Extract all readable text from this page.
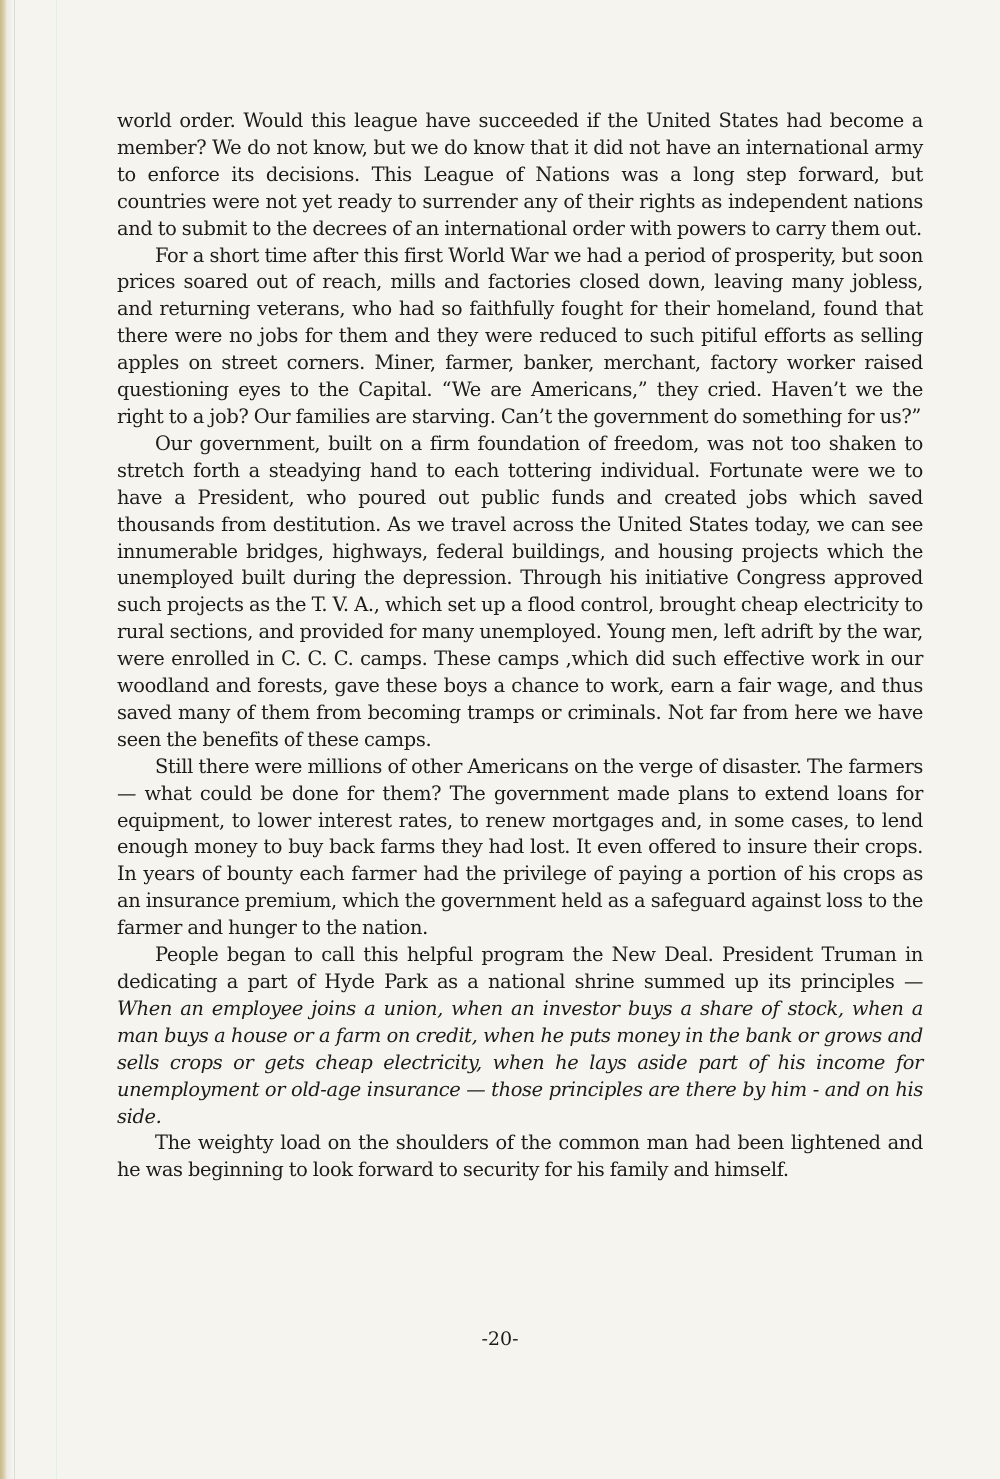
world order. Would this league have succeeded if the United States had become a member? We do not know, but we do know that it did not have an international army to enforce its decisions. This League of Nations was a long step forward, but countries were not yet ready to surrender any of their rights as independent nations and to submit to the decrees of an international order with powers to carry them out.

For a short time after this first World War we had a period of prosperity, but soon prices soared out of reach, mills and factories closed down, leaving many jobless, and returning veterans, who had so faithfully fought for their homeland, found that there were no jobs for them and they were reduced to such pitiful efforts as selling apples on street corners. Miner, farmer, banker, merchant, factory worker raised questioning eyes to the Capital. “We are Americans,” they cried. Haven’t we the right to a job? Our families are starving. Can’t the government do something for us?”

Our government, built on a firm foundation of freedom, was not too shaken to stretch forth a steadying hand to each tottering individual. Fortunate were we to have a President, who poured out public funds and created jobs which saved thousands from destitution. As we travel across the United States today, we can see innumerable bridges, highways, federal buildings, and housing projects which the unemployed built during the depression. Through his initiative Congress approved such projects as the T. V. A., which set up a flood control, brought cheap electricity to rural sections, and provided for many unemployed. Young men, left adrift by the war, were enrolled in C. C. C. camps. These camps ,which did such effective work in our woodland and forests, gave these boys a chance to work, earn a fair wage, and thus saved many of them from becoming tramps or criminals. Not far from here we have seen the benefits of these camps.

Still there were millions of other Americans on the verge of disaster. The farmers — what could be done for them? The government made plans to extend loans for equipment, to lower interest rates, to renew mortgages and, in some cases, to lend enough money to buy back farms they had lost. It even offered to insure their crops. In years of bounty each farmer had the privilege of paying a portion of his crops as an insurance premium, which the government held as a safeguard against loss to the farmer and hunger to the nation.

People began to call this helpful program the New Deal. President Truman in dedicating a part of Hyde Park as a national shrine summed up its principles — When an employee joins a union, when an investor buys a share of stock, when a man buys a house or a farm on credit, when he puts money in the bank or grows and sells crops or gets cheap electricity, when he lays aside part of his income for unemployment or old-age insurance — those principles are there by him - and on his side.

The weighty load on the shoulders of the common man had been lightened and he was beginning to look forward to security for his family and himself.

-20-
